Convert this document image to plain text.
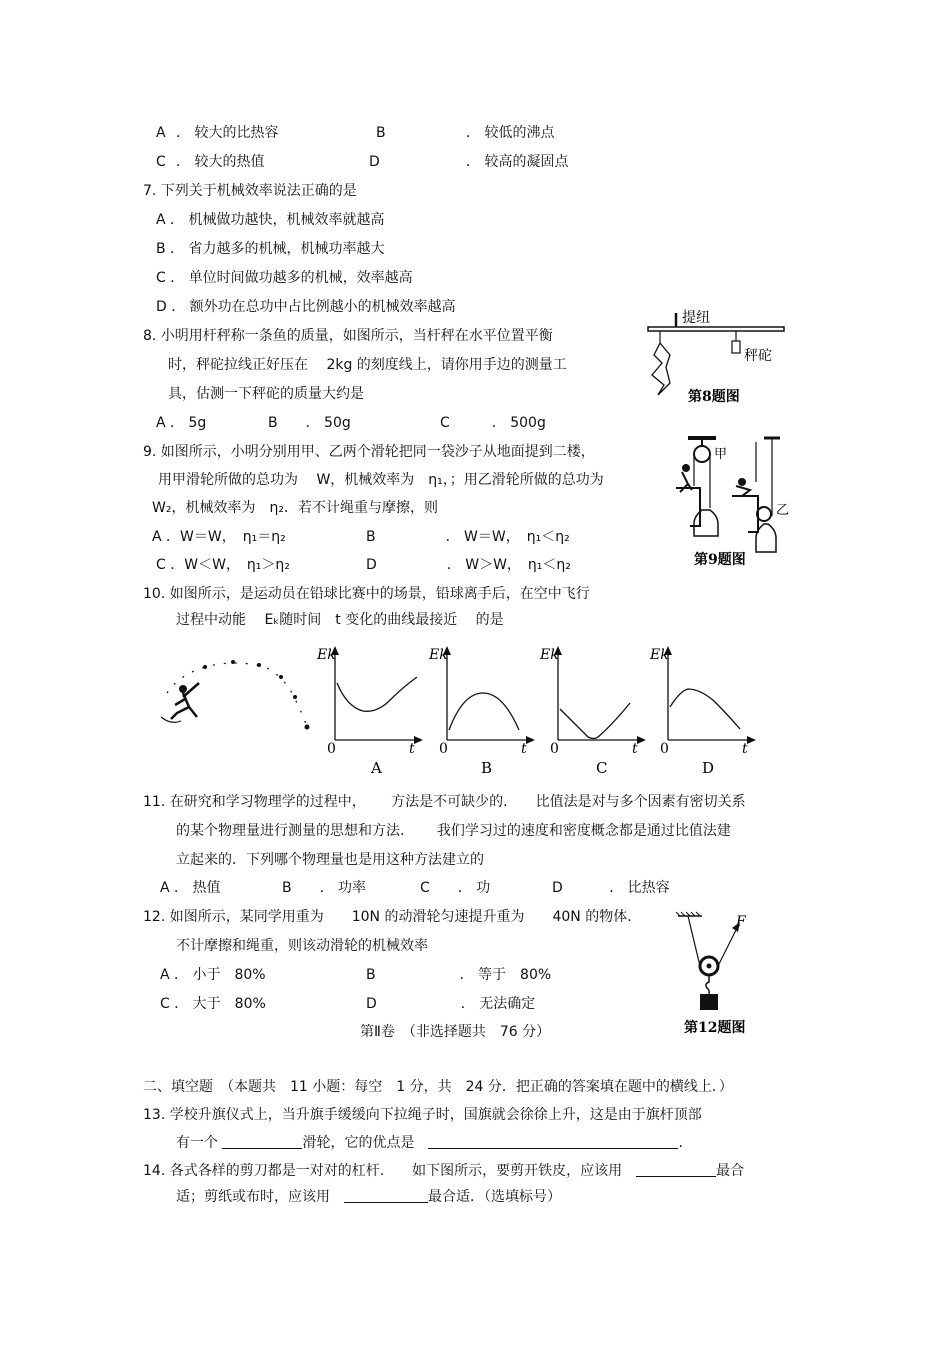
A ． 较大的比热容	B	． 较低的沸点
C ． 较大的热值	D	． 较高的凝固点
7. 下列关于机械效率说法正确的是
A ． 机械做功越快，机械效率就越高
B ． 省力越多的机械，机械功率越大
C ． 单位时间做功越多的机械，效率越高
D ． 额外功在总功中占比例越小的机械效率越高
8. 小明用杆秤称一条鱼的质量，如图所示，当杆秤在水平位置平衡
时，秤砣拉线正好压在　 2kg 的刻度线上，请你用手边的测量工
具，估测一下秤砣的质量大约是
A ． 5g	B　　． 50g	C　　　． 500g
提纽
秤砣
第8题图
9. 如图所示，小明分别用甲、乙两个滑轮把同一袋沙子从地面提到二楼，
用甲滑轮所做的总功为　 W，机械效率为　η₁，；用乙滑轮所做的总功为
W₂，机械效率为　η₂．若不计绳重与摩擦，则
A ．W＝W，　η₁＝η₂	B　　　　　． W＝W，　η₁＜η₂
C ．W＜W，　η₁＞η₂	D　　　　　． W＞W，　η₁＜η₂
甲
乙
第9题图
10. 如图所示，是运动员在铅球比赛中的场景，铅球离手后，在空中飞行
过程中动能　 Eₖ随时间　t 变化的曲线最接近　 的是
Ek
t
0
A
Ek
t
0
B
Ek
t
0
C
Ek
t
0
D
11. 在研究和学习物理学的过程中，　　 方法是不可缺少的.　　比值法是对与多个因素有密切关系
的某个物理量进行测量的思想和方法.　　 我们学习过的速度和密度概念都是通过比值法建
立起来的．下列哪个物理量也是用这种方法建立的
A ． 热值	B　　． 功率	C　　． 功	D　　　 ． 比热容
12. 如图所示，某同学用重为　　10N 的动滑轮匀速提升重为　　40N 的物体.
不计摩擦和绳重，则该动滑轮的机械效率
A ． 小于　80%	B　　　　　　． 等于　80%
C ． 大于　80%	D　　　　　　． 无法确定
F
第12题图
第Ⅱ卷　（非选择题共　76 分）
二、填空题　（本题共　11 小题：每空　1 分，共　24 分．把正确的答案填在题中的横线上．）
13. 学校升旗仪式上，当升旗手缓缓向下拉绳子时，国旗就会徐徐上升，这是由于旗杆顶部
有一个	滑轮，它的优点是　	.
14. 各式各样的剪刀都是一对对的杠杆.　　如下图所示，要剪开铁皮，应该用　	最合
适；剪纸或布时，应该用　	最合适．（选填标号）
